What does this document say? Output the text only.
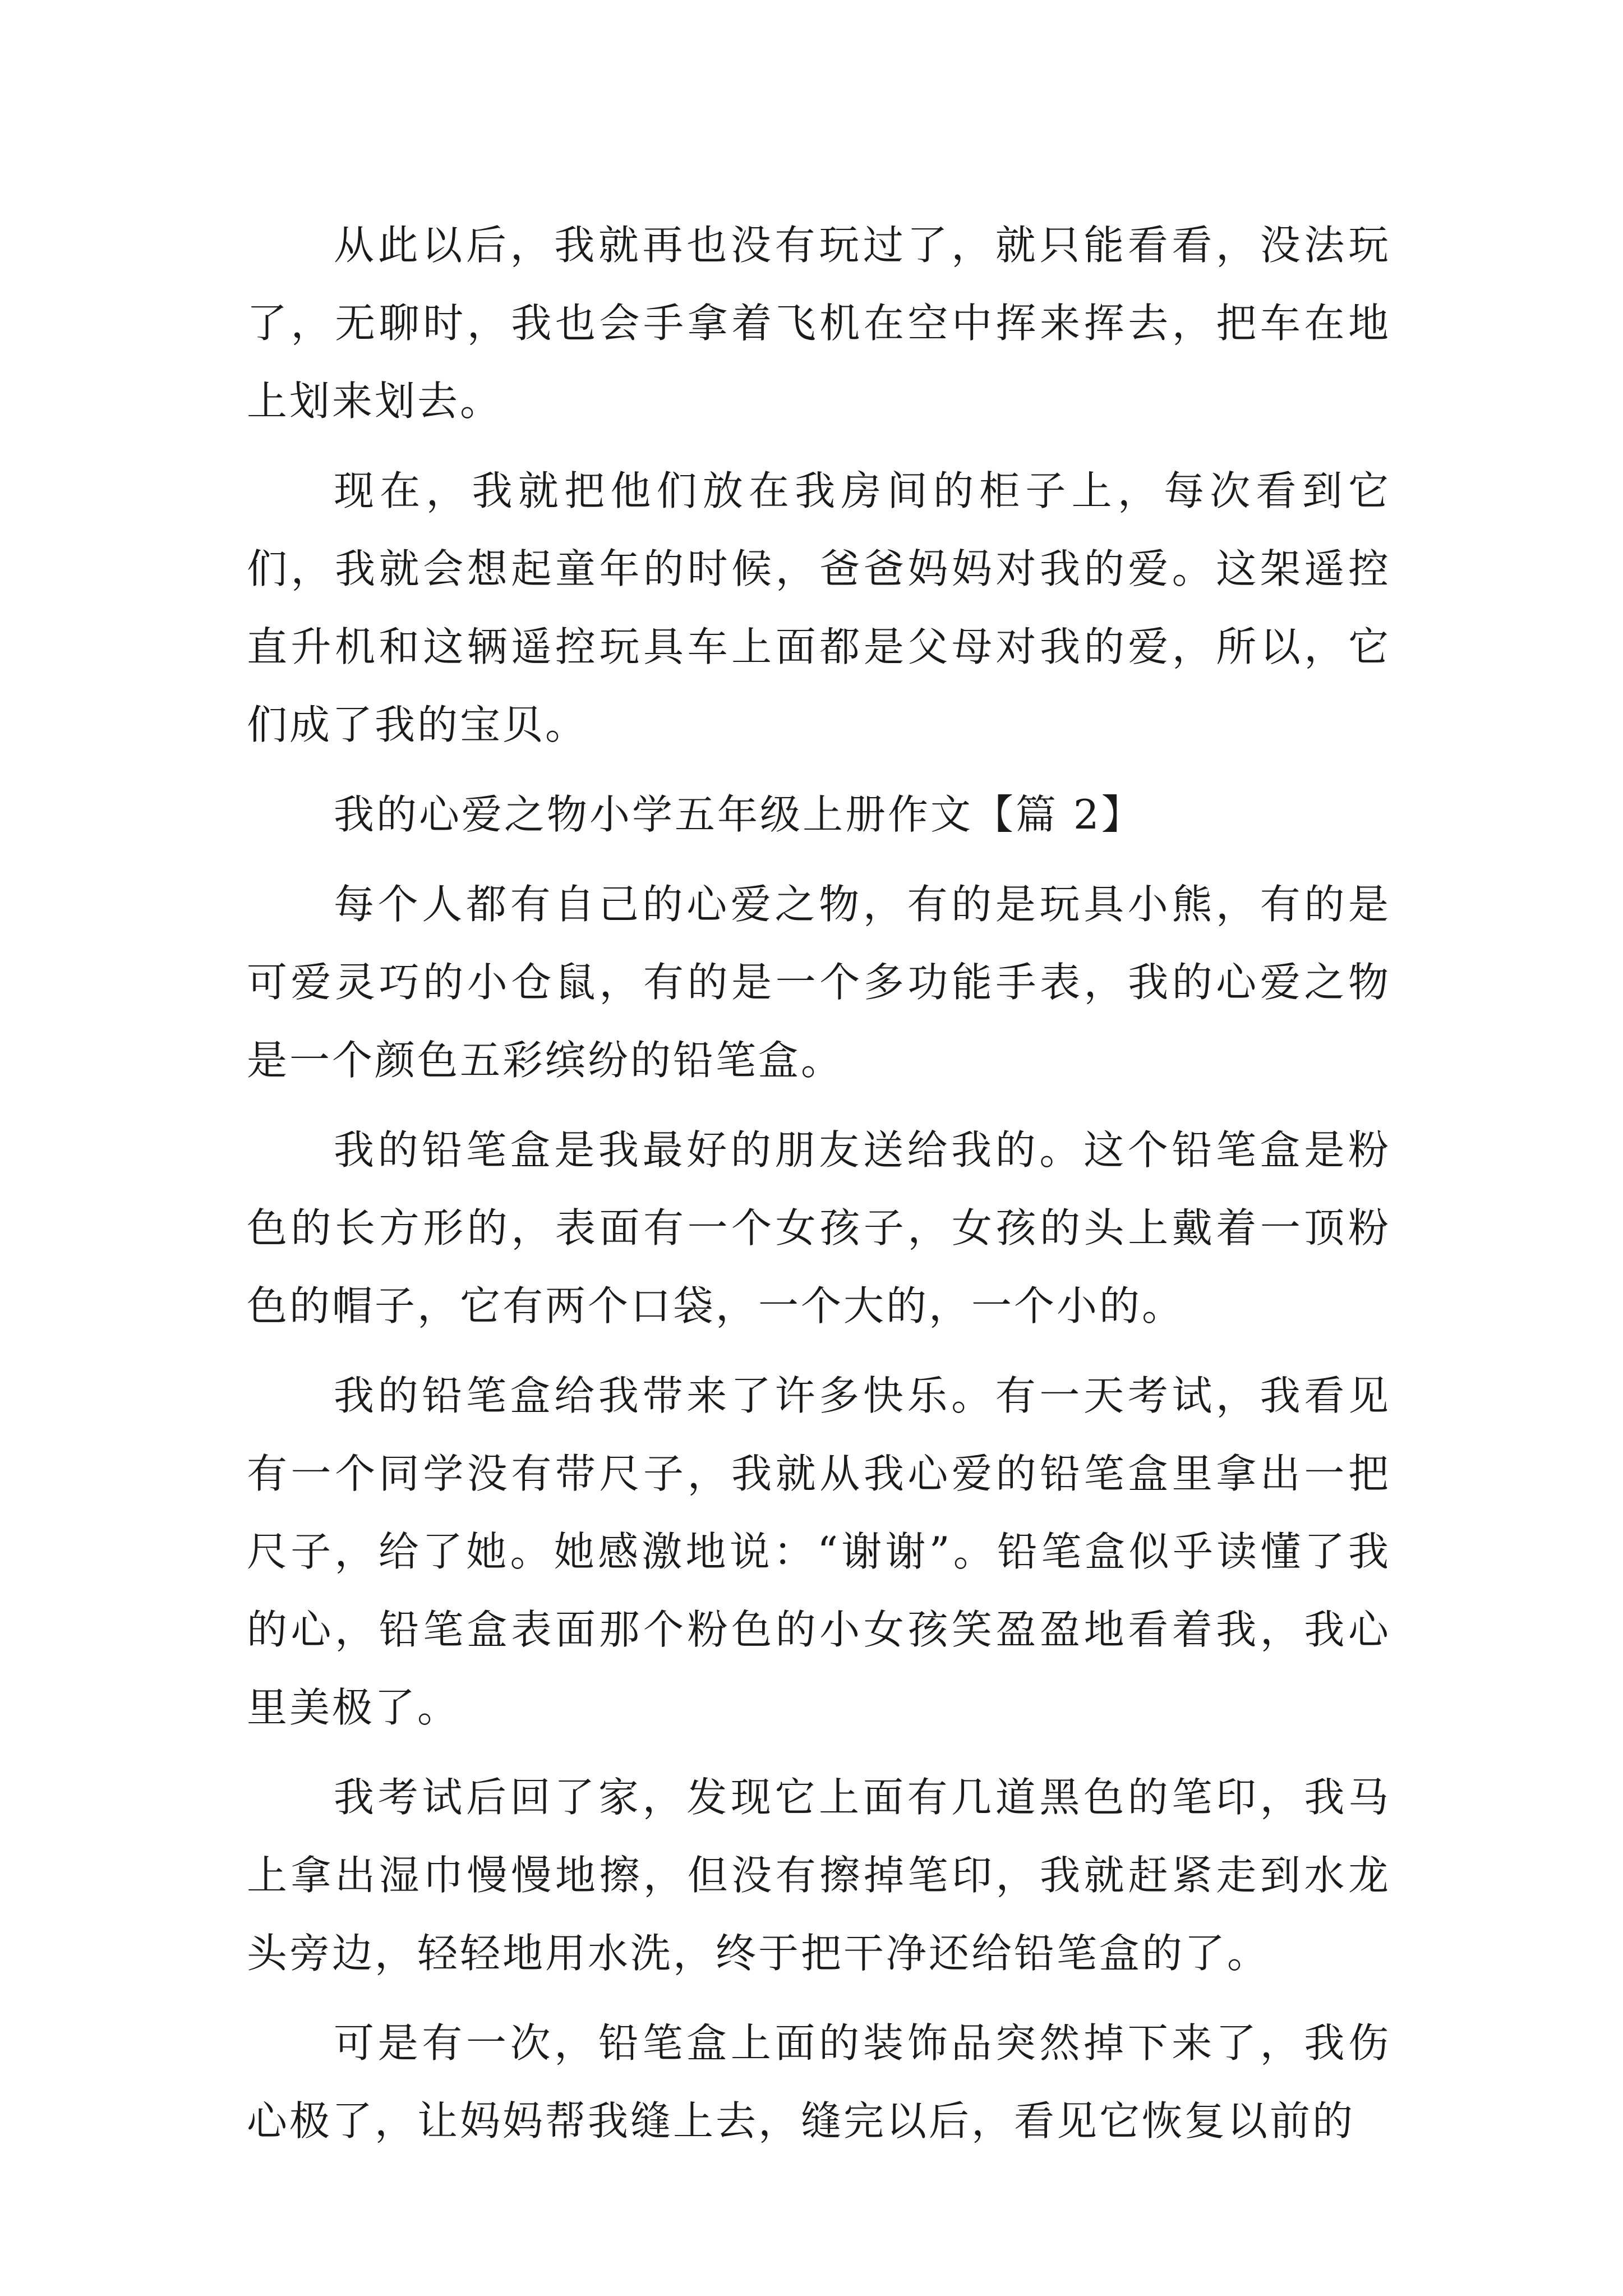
从此以后，我就再也没有玩过了，就只能看看，没法玩了，无聊时，我也会手拿着飞机在空中挥来挥去，把车在地上划来划去。

现在，我就把他们放在我房间的柜子上，每次看到它们，我就会想起童年的时候，爸爸妈妈对我的爱。这架遥控直升机和这辆遥控玩具车上面都是父母对我的爱，所以，它们成了我的宝贝。

我的心爱之物小学五年级上册作文【篇 2】

每个人都有自己的心爱之物，有的是玩具小熊，有的是可爱灵巧的小仓鼠，有的是一个多功能手表，我的心爱之物是一个颜色五彩缤纷的铅笔盒。

我的铅笔盒是我最好的朋友送给我的。这个铅笔盒是粉色的长方形的，表面有一个女孩子，女孩的头上戴着一顶粉色的帽子，它有两个口袋，一个大的，一个小的。

我的铅笔盒给我带来了许多快乐。有一天考试，我看见有一个同学没有带尺子，我就从我心爱的铅笔盒里拿出一把尺子，给了她。她感激地说：“谢谢”。铅笔盒似乎读懂了我的心，铅笔盒表面那个粉色的小女孩笑盈盈地看着我，我心里美极了。

我考试后回了家，发现它上面有几道黑色的笔印，我马上拿出湿巾慢慢地擦，但没有擦掉笔印，我就赶紧走到水龙头旁边，轻轻地用水洗，终于把干净还给铅笔盒的了。

可是有一次，铅笔盒上面的装饰品突然掉下来了，我伤心极了，让妈妈帮我缝上去，缝完以后，看见它恢复以前的
